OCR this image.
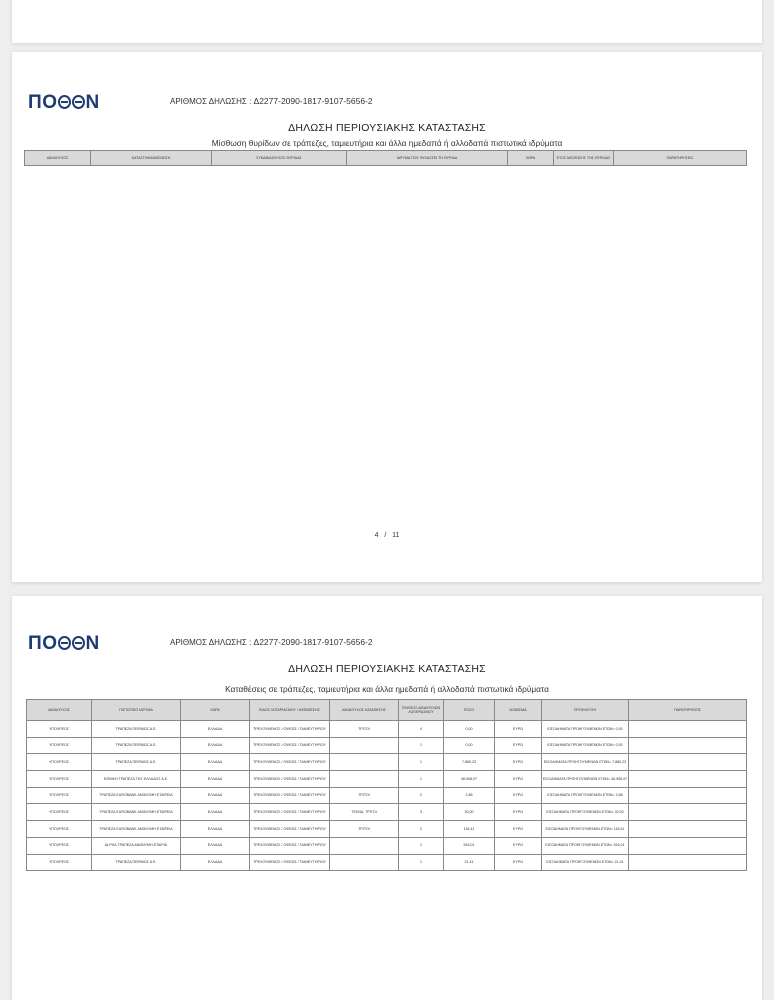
ΠΟ Ν	ΑΡΙΘΜΟΣ ΔΗΛΩΣΗΣ : Δ2277-2090-1817-9107-5656-2
ΔΗΛΩΣΗ ΠΕΡΙΟΥΣΙΑΚΗΣ ΚΑΤΑΣΤΑΣΗΣ
Μίσθωση θυρίδων σε τράπεζες, ταμιευτήρια και άλλα ημεδαπά ή αλλοδαπά πιστωτικά ιδρύματα
ΔΙΚΑΙΟΥΧΟΣ	ΚΑΤΑΣΤΗΜΑ/ΜΙΣΘΩΣΗ	ΣΥΝΔΙΚΑΙΟΥΧΟΣ ΘΥΡΙΔΑΣ	ΙΔΡΥΜΑ ΠΟΥ ΦΥΛΑΣΣΕΙ ΤΗ ΘΥΡΙΔΑ	ΧΩΡΑ	ΕΤΟΣ ΜΙΣΘΩΣΗΣ ΤΗΣ ΘΥΡΙΔΑΣ	ΠΑΡΑΤΗΡΗΣΕΙΣ
4 / 11
ΠΟ Ν	ΑΡΙΘΜΟΣ ΔΗΛΩΣΗΣ : Δ2277-2090-1817-9107-5656-2
ΔΗΛΩΣΗ ΠΕΡΙΟΥΣΙΑΚΗΣ ΚΑΤΑΣΤΑΣΗΣ
Καταθέσεις σε τράπεζες, ταμιευτήρια και άλλα ημεδαπά ή αλλοδαπά πιστωτικά ιδρύματα
ΔΙΚΑΙΟΥΧΟΣ	ΠΙΣΤΩΤΙΚΟ ΙΔΡΥΜΑ	ΧΩΡΑ	ΕΙΔΟΣ ΛΟΓΑΡΙΑΣΜΟΥ / ΚΑΤΑΘΕΣΗΣ	ΔΙΚΑΙΟΥΧΟΣ ΚΑΤΑΘΕΣΗΣ	ΠΛΗΘΟΣ ΔΙΚΑΙΟΥΧΩΝ ΛΟΓΑΡΙΑΣΜΟΥ	ΠΟΣΟ	ΝΟΜΙΣΜΑ	ΠΡΟΕΛΕΥΣΗ	ΠΑΡΑΤΗΡΗΣΕΙΣ
ΥΠΟΧΡΕΟΣ	ΤΡΑΠΕΖΑ ΠΕΙΡΑΙΩΣ Α.Ε.	ΕΛΛΑΔΑ	ΤΡΕΧΟΥΜΕΝΟΣ / ΟΨΕΩΣ / ΤΑΜΙΕΥΤΗΡΙΟΥ	ΤΡΙΤΟΙ	4	0,00	ΕΥΡΩ	ΕΙΣΟΔΗΜΑΤΑ ΠΡΟΗΓΟΥΜΕΝΩΝ ΕΤΩΝ= 0,00	
ΥΠΟΧΡΕΟΣ	ΤΡΑΠΕΖΑ ΠΕΙΡΑΙΩΣ Α.Ε.	ΕΛΛΑΔΑ	ΤΡΕΧΟΥΜΕΝΟΣ / ΟΨΕΩΣ / ΤΑΜΙΕΥΤΗΡΙΟΥ		1	0,00	ΕΥΡΩ	ΕΙΣΟΔΗΜΑΤΑ ΠΡΟΗΓΟΥΜΕΝΩΝ ΕΤΩΝ= 0,00	
ΥΠΟΧΡΕΟΣ	ΤΡΑΠΕΖΑ ΠΕΙΡΑΙΩΣ Α.Ε.	ΕΛΛΑΔΑ	ΤΡΕΧΟΥΜΕΝΟΣ / ΟΨΕΩΣ / ΤΑΜΙΕΥΤΗΡΙΟΥ		1	7.880,23	ΕΥΡΩ	ΕΙΣΟΔΗΜΑΤΑ ΠΡΟΗΓΟΥΜΕΝΩΝ ΕΤΩΝ= 7.880,23	
ΥΠΟΧΡΕΟΣ	ΕΘΝΙΚΗ ΤΡΑΠΕΖΑ ΤΗΣ ΕΛΛΑΔΟΣ Α.Ε.	ΕΛΛΑΔΑ	ΤΡΕΧΟΥΜΕΝΟΣ / ΟΨΕΩΣ / ΤΑΜΙΕΥΤΗΡΙΟΥ		1	46.908,97	ΕΥΡΩ	ΕΙΣΟΔΗΜΑΤΑ ΠΡΟΗΓΟΥΜΕΝΩΝ ΕΤΩΝ= 46.908,97	
ΥΠΟΧΡΕΟΣ	ΤΡΑΠΕΖΑ EUROBANK ΑΝΩΝΥΜΗ ΕΤΑΙΡΕΙΑ	ΕΛΛΑΔΑ	ΤΡΕΧΟΥΜΕΝΟΣ / ΟΨΕΩΣ / ΤΑΜΙΕΥΤΗΡΙΟΥ	ΤΡΙΤΟΙ	2	2,86	ΕΥΡΩ	ΕΙΣΟΔΗΜΑΤΑ ΠΡΟΗΓΟΥΜΕΝΩΝ ΕΤΩΝ= 2,86	
ΥΠΟΧΡΕΟΣ	ΤΡΑΠΕΖΑ EUROBANK ΑΝΩΝΥΜΗ ΕΤΑΙΡΕΙΑ	ΕΛΛΑΔΑ	ΤΡΕΧΟΥΜΕΝΟΣ / ΟΨΕΩΣ / ΤΑΜΙΕΥΤΗΡΙΟΥ	ΤΕΚΝΑ, ΤΡΙΤΟΙ	3	30,00	ΕΥΡΩ	ΕΙΣΟΔΗΜΑΤΑ ΠΡΟΗΓΟΥΜΕΝΩΝ ΕΤΩΝ= 30,00	
ΥΠΟΧΡΕΟΣ	ΤΡΑΠΕΖΑ EUROBANK ΑΝΩΝΥΜΗ ΕΤΑΙΡΕΙΑ	ΕΛΛΑΔΑ	ΤΡΕΧΟΥΜΕΝΟΣ / ΟΨΕΩΣ / ΤΑΜΙΕΥΤΗΡΙΟΥ	ΤΡΙΤΟΙ	2	118,41	ΕΥΡΩ	ΕΙΣΟΔΗΜΑΤΑ ΠΡΟΗΓΟΥΜΕΝΩΝ ΕΤΩΝ= 118,41	
ΥΠΟΧΡΕΟΣ	ALPHA ΤΡΑΠΕΖΑ ΑΝΩΝΥΜΗ ΕΤΑΙΡΙΑ	ΕΛΛΑΔΑ	ΤΡΕΧΟΥΜΕΝΟΣ / ΟΨΕΩΣ / ΤΑΜΙΕΥΤΗΡΙΟΥ		1	516,01	ΕΥΡΩ	ΕΙΣΟΔΗΜΑΤΑ ΠΡΟΗΓΟΥΜΕΝΩΝ ΕΤΩΝ= 516,01	
ΥΠΟΧΡΕΟΣ	ΤΡΑΠΕΖΑ ΠΕΙΡΑΙΩΣ Α.Ε.	ΕΛΛΑΔΑ	ΤΡΕΧΟΥΜΕΝΟΣ / ΟΨΕΩΣ / ΤΑΜΙΕΥΤΗΡΙΟΥ		1	21,41	ΕΥΡΩ	ΕΙΣΟΔΗΜΑΤΑ ΠΡΟΗΓΟΥΜΕΝΩΝ ΕΤΩΝ= 21,41	
